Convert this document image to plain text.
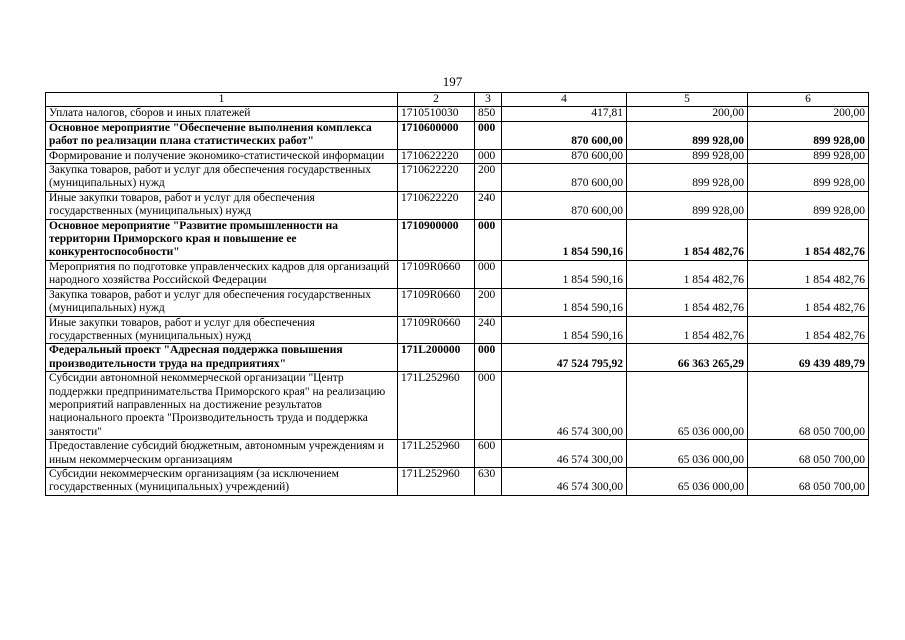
197
1	2	3	4	5	6
Уплата налогов, сборов и иных платежей	1710510030	850	417,81	200,00	200,00
Основное мероприятие "Обеспечение выполнения комплекса работ по реализации плана статистических работ"	1710600000	000	870 600,00	899 928,00	899 928,00
Формирование и получение экономико-статистической информации	1710622220	000	870 600,00	899 928,00	899 928,00
Закупка товаров, работ и услуг для обеспечения государственных (муниципальных) нужд	1710622220	200	870 600,00	899 928,00	899 928,00
Иные закупки товаров, работ и услуг для обеспечения государственных (муниципальных) нужд	1710622220	240	870 600,00	899 928,00	899 928,00
Основное мероприятие "Развитие промышленности на территории Приморского края и повышение ее конкурентоспособности"	1710900000	000	1 854 590,16	1 854 482,76	1 854 482,76
Мероприятия по подготовке управленческих кадров для организаций народного хозяйства Российской Федерации	17109R0660	000	1 854 590,16	1 854 482,76	1 854 482,76
Закупка товаров, работ и услуг для обеспечения государственных (муниципальных) нужд	17109R0660	200	1 854 590,16	1 854 482,76	1 854 482,76
Иные закупки товаров, работ и услуг для обеспечения государственных (муниципальных) нужд	17109R0660	240	1 854 590,16	1 854 482,76	1 854 482,76
Федеральный проект "Адресная поддержка повышения производительности труда на предприятиях"	171L200000	000	47 524 795,92	66 363 265,29	69 439 489,79
Субсидии автономной некоммерческой организации "Центр поддержки предпринимательства Приморского края" на реализацию мероприятий направленных на достижение результатов национального проекта "Производительность труда и поддержка занятости"	171L252960	000	46 574 300,00	65 036 000,00	68 050 700,00
Предоставление субсидий бюджетным, автономным учреждениям и иным некоммерческим организациям	171L252960	600	46 574 300,00	65 036 000,00	68 050 700,00
Субсидии некоммерческим организациям (за исключением государственных (муниципальных) учреждений)	171L252960	630	46 574 300,00	65 036 000,00	68 050 700,00
